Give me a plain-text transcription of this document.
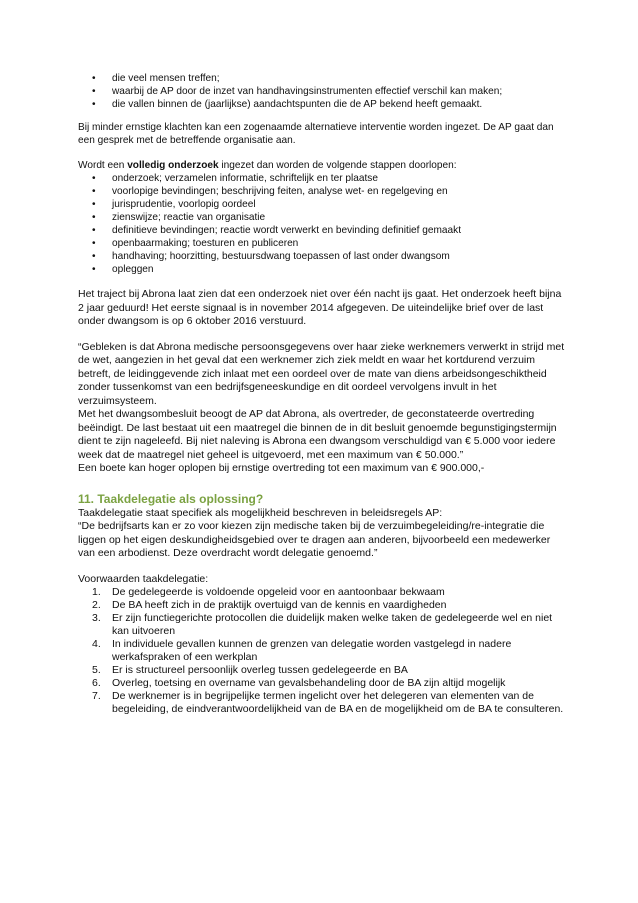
• die veel mensen treffen;
• waarbij de AP door de inzet van handhavingsinstrumenten effectief verschil kan maken;
• die vallen binnen de (jaarlijkse) aandachtspunten die de AP bekend heeft gemaakt.

Bij minder ernstige klachten kan een zogenaamde alternatieve interventie worden ingezet. De AP gaat dan een gesprek met de betreffende organisatie aan.

Wordt een volledig onderzoek ingezet dan worden de volgende stappen doorlopen:

• onderzoek; verzamelen informatie, schriftelijk en ter plaatse
• voorlopige bevindingen; beschrijving feiten, analyse wet- en regelgeving en
• jurisprudentie, voorlopig oordeel
• zienswijze; reactie van organisatie
• definitieve bevindingen; reactie wordt verwerkt en bevinding definitief gemaakt
• openbaarmaking; toesturen en publiceren
• handhaving; hoorzitting, bestuursdwang toepassen of last onder dwangsom
• opleggen

Het traject bij Abrona laat zien dat een onderzoek niet over één nacht ijs gaat. Het onderzoek heeft bijna 2 jaar geduurd! Het eerste signaal is in november 2014 afgegeven. De uiteindelijke brief over de last onder dwangsom is op 6 oktober 2016 verstuurd.

“Gebleken is dat Abrona medische persoonsgegevens over haar zieke werknemers verwerkt in strijd met de wet, aangezien in het geval dat een werknemer zich ziek meldt en waar het kortdurend verzuim betreft, de leidinggevende zich inlaat met een oordeel over de mate van diens arbeidsongeschiktheid zonder tussenkomst van een bedrijfsgeneeskundige en dit oordeel vervolgens invult in het verzuimsysteem.

Met het dwangsombesluit beoogt de AP dat Abrona, als overtreder, de geconstateerde overtreding beëindigt. De last bestaat uit een maatregel die binnen de in dit besluit genoemde begunstigingstermijn dient te zijn nageleefd. Bij niet naleving is Abrona een dwangsom verschuldigd van € 5.000 voor iedere week dat de maatregel niet geheel is uitgevoerd, met een maximum van € 50.000.”

Een boete kan hoger oplopen bij ernstige overtreding tot een maximum van € 900.000,-

11. Taakdelegatie als oplossing?

Taakdelegatie staat specifiek als mogelijkheid beschreven in beleidsregels AP:

“De bedrijfsarts kan er zo voor kiezen zijn medische taken bij de verzuimbegeleiding/re-integratie die liggen op het eigen deskundigheidsgebied over te dragen aan anderen, bijvoorbeeld een medewerker van een arbodienst. Deze overdracht wordt delegatie genoemd.”

Voorwaarden taakdelegatie:

1. De gedelegeerde is voldoende opgeleid voor en aantoonbaar bekwaam
2. De BA heeft zich in de praktijk overtuigd van de kennis en vaardigheden
3. Er zijn functiegerichte protocollen die duidelijk maken welke taken de gedelegeerde wel en niet kan uitvoeren
4. In individuele gevallen kunnen de grenzen van delegatie worden vastgelegd in nadere werkafspraken of een werkplan
5. Er is structureel persoonlijk overleg tussen gedelegeerde en BA
6. Overleg, toetsing en overname van gevalsbehandeling door de BA zijn altijd mogelijk
7. De werknemer is in begrijpelijke termen ingelicht over het delegeren van elementen van de begeleiding, de eindverantwoordelijkheid van de BA en de mogelijkheid om de BA te consulteren.
